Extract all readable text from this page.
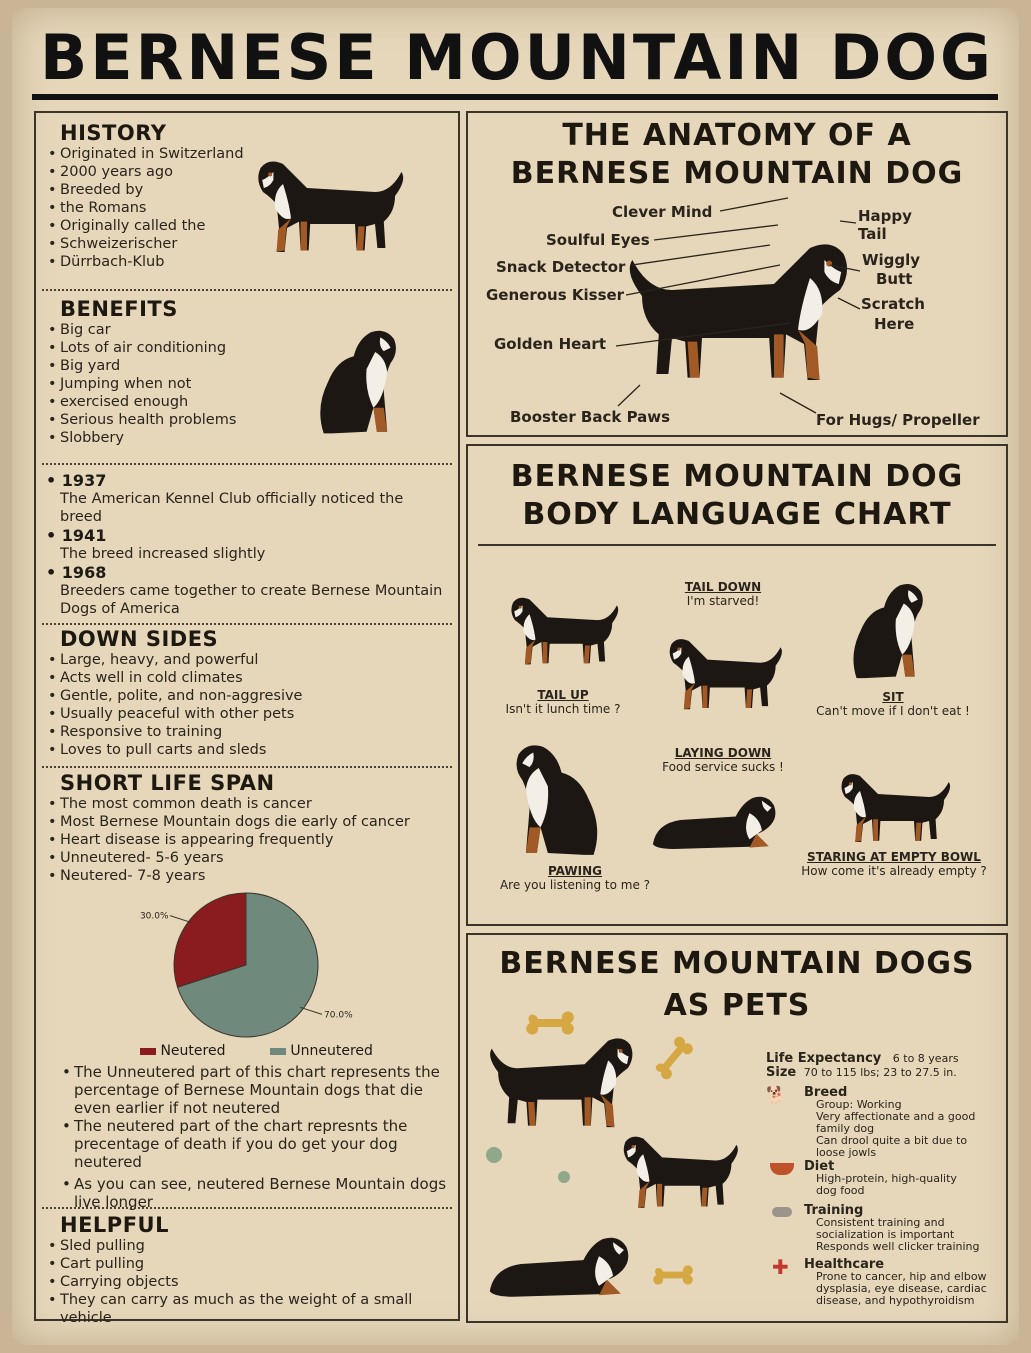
BERNESE MOUNTAIN DOG
HISTORY
• Originated in Switzerland
• 2000 years ago
• Breeded by
• the Romans
• Originally called the
• Schweizerischer
• Dürrbach-Klub
BENEFITS
• Big car
• Lots of air conditioning
• Big yard
• Jumping when not
• exercised enough
• Serious health problems
• Slobbery
• 1937
The American Kennel Club officially noticed the breed
• 1941
The breed increased slightly
• 1968
Breeders came together to create Bernese Mountain Dogs of America
DOWN SIDES
• Large, heavy, and powerful
• Acts well in cold climates
• Gentle, polite, and non-aggresive
• Usually peaceful with other pets
• Responsive to training
• Loves to pull carts and sleds
SHORT LIFE SPAN
• The most common death is cancer
• Most Bernese Mountain dogs die early of cancer
• Heart disease is appearing frequently
• Unneutered- 5-6 years
• Neutered- 7-8 years
30.0%
70.0%
Neutered	Unneutered
• The Unneutered part of this chart represents the percentage of Bernese Mountain dogs that die even earlier if not neutered
• The neutered part of the chart represnts the precentage of death if you do get your dog neutered
• As you can see, neutered Bernese Mountain dogs live longer
HELPFUL
• Sled pulling
• Cart pulling
• Carrying objects
• They can carry as much as the weight of a small vehicle
THE ANATOMY OF A
BERNESE MOUNTAIN DOG
Clever Mind
Soulful Eyes
Snack Detector
Generous Kisser
Golden Heart
Booster Back Paws
Happy
Tail
Wiggly
Butt
Scratch
Here
For Hugs/ Propeller
BERNESE MOUNTAIN DOG
BODY LANGUAGE CHART
TAIL UP
Isn't it lunch time ?
TAIL DOWN
I'm starved!
SIT
Can't move if I don't eat !
PAWING
Are you listening to me ?
LAYING DOWN
Food service sucks !
STARING AT EMPTY BOWL
How come it's already empty ?
BERNESE MOUNTAIN DOGS
AS PETS
Life Expectancy 6 to 8 years
Size 70 to 115 lbs; 23 to 27.5 in.
🐕	Breed
Group: Working
Very affectionate and a good
family dog
Can drool quite a bit due to
loose jowls
Diet
High-protein, high-quality
dog food
Training
Consistent training and
socialization is important
Responds well clicker training
✚ Healthcare
Prone to cancer, hip and elbow
dysplasia, eye disease, cardiac
disease, and hypothyroidism
